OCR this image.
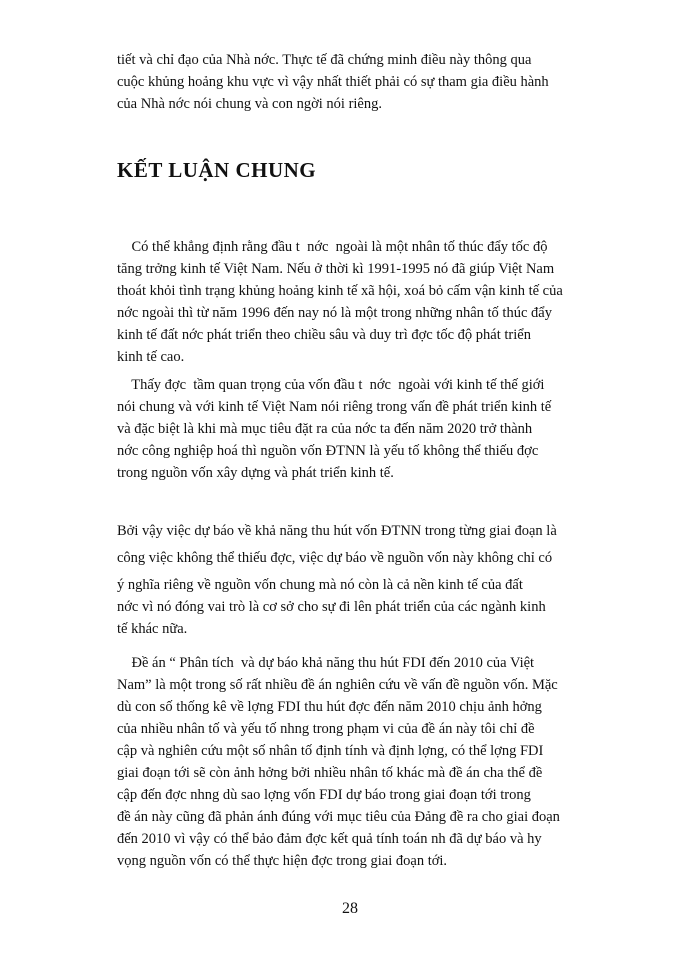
tiết và chỉ đạo của Nhà nớc. Thực tế đã chứng minh điều này thông qua
cuộc khủng hoảng khu vực vì vậy nhất thiết phải có sự tham gia điều hành
của Nhà nớc nói chung và con ngời nói riêng.

KẾT LUẬN CHUNG

Có thể khẳng định rằng đầu t  nớc  ngoài là một nhân tố thúc đẩy tốc độ
tăng trởng kinh tế Việt Nam. Nếu ở thời kì 1991-1995 nó đã giúp Việt Nam
thoát khỏi tình trạng khủng hoảng kinh tế xã hội, xoá bỏ cấm vận kinh tế của
nớc ngoài thì từ năm 1996 đến nay nó là một trong những nhân tố thúc đẩy
kinh tế đất nớc phát triển theo chiều sâu và duy trì đợc tốc độ phát triển
kinh tế cao.

Thấy đợc  tầm quan trọng của vốn đầu t  nớc  ngoài với kinh tế thế giới
nói chung và với kinh tế Việt Nam nói riêng trong vấn đề phát triển kinh tế
và đặc biệt là khi mà mục tiêu đặt ra của nớc ta đến năm 2020 trở thành
nớc công nghiệp hoá thì nguồn vốn ĐTNN là yếu tố không thể thiếu đợc
trong nguồn vốn xây dựng và phát triển kinh tế.

Bởi vậy việc dự báo về khả năng thu hút vốn ĐTNN trong từng giai đoạn là
công việc không thể thiếu đợc, việc dự báo về nguồn vốn này không chỉ có
ý nghĩa riêng về nguồn vốn chung mà nó còn là cả nền kinh tế của đất

nớc vì nó đóng vai trò là cơ sở cho sự đi lên phát triển của các ngành kinh
tế khác nữa.

Đề án “ Phân tích  và dự báo khả năng thu hút FDI đến 2010 của Việt
Nam” là một trong số rất nhiều đề án nghiên cứu về vấn đề nguồn vốn. Mặc
dù con số thống kê về lợng FDI thu hút đợc đến năm 2010 chịu ảnh hởng
của nhiều nhân tố và yếu tố nhng trong phạm vi của đề án này tôi chỉ đề
cập và nghiên cứu một số nhân tố định tính và định lợng, có thể lợng FDI
giai đoạn tới sẽ còn ảnh hởng bởi nhiều nhân tố khác mà đề án cha thể đề
cập đến đợc nhng dù sao lợng vốn FDI dự báo trong giai đoạn tới trong
đề án này cũng đã phản ánh đúng với mục tiêu của Đảng đề ra cho giai đoạn
đến 2010 vì vậy có thể bảo đảm đợc kết quả tính toán nh đã dự báo và hy
vọng nguồn vốn có thể thực hiện đợc trong giai đoạn tới.

28
